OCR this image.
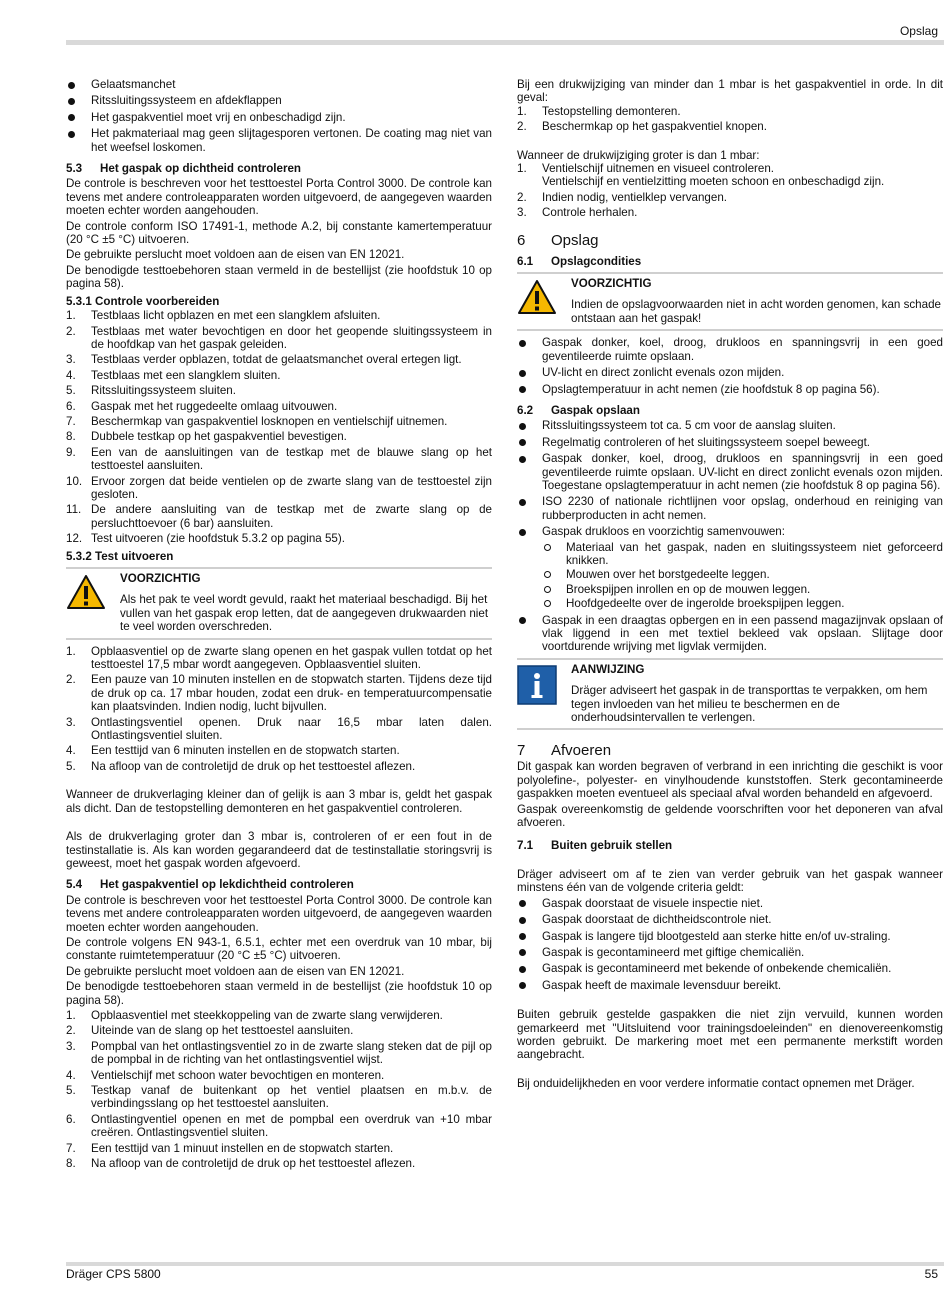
Opslag
Gelaatsmanchet
Ritssluitingssysteem en afdekflappen
Het gaspakventiel moet vrij en onbeschadigd zijn.
Het pakmateriaal mag geen slijtagesporen vertonen. De coating mag niet van het weefsel loskomen.
5.3	Het gaspak op dichtheid controleren

De controle is beschreven voor het testtoestel Porta Control 3000. De controle kan tevens met andere controleapparaten worden uitgevoerd, de aangegeven waarden moeten echter worden aangehouden.

De controle conform ISO 17491-1, methode A.2, bij constante kamertemperatuur (20 °C ±5 °C) uitvoeren.

De gebruikte perslucht moet voldoen aan de eisen van EN 12021.

De benodigde testtoebehoren staan vermeld in de bestellijst (zie hoofdstuk 10 op pagina 58).

5.3.1 Controle voorbereiden
1. Testblaas licht opblazen en met een slangklem afsluiten.
2. Testblaas met water bevochtigen en door het geopende sluitingssysteem in de hoofdkap van het gaspak geleiden.
3. Testblaas verder opblazen, totdat de gelaatsmanchet overal ertegen ligt.
4. Testblaas met een slangklem sluiten.
5. Ritssluitingssysteem sluiten.
6. Gaspak met het ruggedeelte omlaag uitvouwen.
7. Beschermkap van gaspakventiel losknopen en ventielschijf uitnemen.
8. Dubbele testkap op het gaspakventiel bevestigen.
9. Een van de aansluitingen van de testkap met de blauwe slang op het testtoestel aansluiten.
10. Ervoor zorgen dat beide ventielen op de zwarte slang van de testtoestel zijn gesloten.
11. De andere aansluiting van de testkap met de zwarte slang op de persluchttoevoer (6 bar) aansluiten.
12. Test uitvoeren (zie hoofdstuk 5.3.2 op pagina 55).
5.3.2 Test uitvoeren
VOORZICHTIG
Als het pak te veel wordt gevuld, raakt het materiaal beschadigd. Bij het vullen van het gaspak erop letten, dat de aangegeven drukwaarden niet te veel worden overschreden.
1. Opblaasventiel op de zwarte slang openen en het gaspak vullen totdat op het testtoestel 17,5 mbar wordt aangegeven. Opblaasventiel sluiten.
2. Een pauze van 10 minuten instellen en de stopwatch starten. Tijdens deze tijd de druk op ca. 17 mbar houden, zodat een druk- en temperatuurcompensatie kan plaatsvinden. Indien nodig, lucht bijvullen.
3. Ontlastingsventiel openen. Druk naar 16,5 mbar laten dalen. Ontlastingsventiel sluiten.
4. Een testtijd van 6 minuten instellen en de stopwatch starten.
5. Na afloop van de controletijd de druk op het testtoestel aflezen.

Wanneer de drukverlaging kleiner dan of gelijk is aan 3 mbar is, geldt het gaspak als dicht. Dan de testopstelling demonteren en het gaspakventiel controleren.

Als de drukverlaging groter dan 3 mbar is, controleren of er een fout in de testinstallatie is. Als kan worden gegarandeerd dat de testinstallatie storingsvrij is geweest, moet het gaspak worden afgevoerd.

5.4	Het gaspakventiel op lekdichtheid controleren

De controle is beschreven voor het testtoestel Porta Control 3000. De controle kan tevens met andere controleapparaten worden uitgevoerd, de aangegeven waarden moeten echter worden aangehouden.

De controle volgens EN 943-1, 6.5.1, echter met een overdruk van 10 mbar, bij constante ruimtetemperatuur (20 °C ±5 °C) uitvoeren.

De gebruikte perslucht moet voldoen aan de eisen van EN 12021.

De benodigde testtoebehoren staan vermeld in de bestellijst (zie hoofdstuk 10 op pagina 58).

1. Opblaasventiel met steekkoppeling van de zwarte slang verwijderen.
2. Uiteinde van de slang op het testtoestel aansluiten.
3. Pompbal van het ontlastingsventiel zo in de zwarte slang steken dat de pijl op de pompbal in de richting van het ontlastingsventiel wijst.
4. Ventielschijf met schoon water bevochtigen en monteren.
5. Testkap vanaf de buitenkant op het ventiel plaatsen en m.b.v. de verbindingsslang op het testtoestel aansluiten.
6. Ontlastingventiel openen en met de pompbal een overdruk van +10 mbar creëren. Ontlastingsventiel sluiten.
7. Een testtijd van 1 minuut instellen en de stopwatch starten.
8. Na afloop van de controletijd de druk op het testtoestel aflezen.

Bij een drukwijziging van minder dan 1 mbar is het gaspakventiel in orde. In dit geval:

1. Testopstelling demonteren.
2. Beschermkap op het gaspakventiel knopen.

Wanneer de drukwijziging groter is dan 1 mbar:

1. Ventielschijf uitnemen en visueel controleren.
Ventielschijf en ventielzitting moeten schoon en onbeschadigd zijn.
2. Indien nodig, ventielklep vervangen.
3. Controle herhalen.
6	Opslag
6.1	Opslagcondities
VOORZICHTIG
Indien de opslagvoorwaarden niet in acht worden genomen, kan schade ontstaan aan het gaspak!
Gaspak donker, koel, droog, drukloos en spanningsvrij in een goed geventileerde ruimte opslaan.
UV-licht en direct zonlicht evenals ozon mijden.
Opslagtemperatuur in acht nemen (zie hoofdstuk 8 op pagina 56).
6.2	Gaspak opslaan
Ritssluitingssysteem tot ca. 5 cm voor de aanslag sluiten.
Regelmatig controleren of het sluitingssysteem soepel beweegt.
Gaspak donker, koel, droog, drukloos en spanningsvrij in een goed geventileerde ruimte opslaan. UV-licht en direct zonlicht evenals ozon mijden. Toegestane opslagtemperatuur in acht nemen (zie hoofdstuk 8 op pagina 56).
ISO 2230 of nationale richtlijnen voor opslag, onderhoud en reiniging van rubberproducten in acht nemen.
Gaspak drukloos en voorzichtig samenvouwen:
Materiaal van het gaspak, naden en sluitingssysteem niet geforceerd knikken.
Mouwen over het borstgedeelte leggen.
Broekspijpen inrollen en op de mouwen leggen.
Hoofdgedeelte over de ingerolde broekspijpen leggen.
Gaspak in een draagtas opbergen en in een passend magazijnvak opslaan of vlak liggend in een met textiel bekleed vak opslaan. Slijtage door voortdurende wrijving met ligvlak vermijden.
AANWIJZING
Dräger adviseert het gaspak in de transporttas te verpakken, om hem tegen invloeden van het milieu te beschermen en de onderhoudsintervallen te verlengen.
7	Afvoeren

Dit gaspak kan worden begraven of verbrand in een inrichting die geschikt is voor polyolefine-, polyester- en vinylhoudende kunststoffen. Sterk gecontamineerde gaspakken moeten eventueel als speciaal afval worden behandeld en afgevoerd.

Gaspak overeenkomstig de geldende voorschriften voor het deponeren van afval afvoeren.

7.1	Buiten gebruik stellen

Dräger adviseert om af te zien van verder gebruik van het gaspak wanneer minstens één van de volgende criteria geldt:

Gaspak doorstaat de visuele inspectie niet.
Gaspak doorstaat de dichtheidscontrole niet.
Gaspak is langere tijd blootgesteld aan sterke hitte en/of uv-straling.
Gaspak is gecontamineerd met giftige chemicaliën.
Gaspak is gecontamineerd met bekende of onbekende chemicaliën.
Gaspak heeft de maximale levensduur bereikt.

Buiten gebruik gestelde gaspakken die niet zijn vervuild, kunnen worden gemarkeerd met "Uitsluitend voor trainingsdoeleinden" en dienovereenkomstig worden gebruikt. De markering moet met een permanente merkstift worden aangebracht.

Bij onduidelijkheden en voor verdere informatie contact opnemen met Dräger.

Dräger CPS 5800	55
